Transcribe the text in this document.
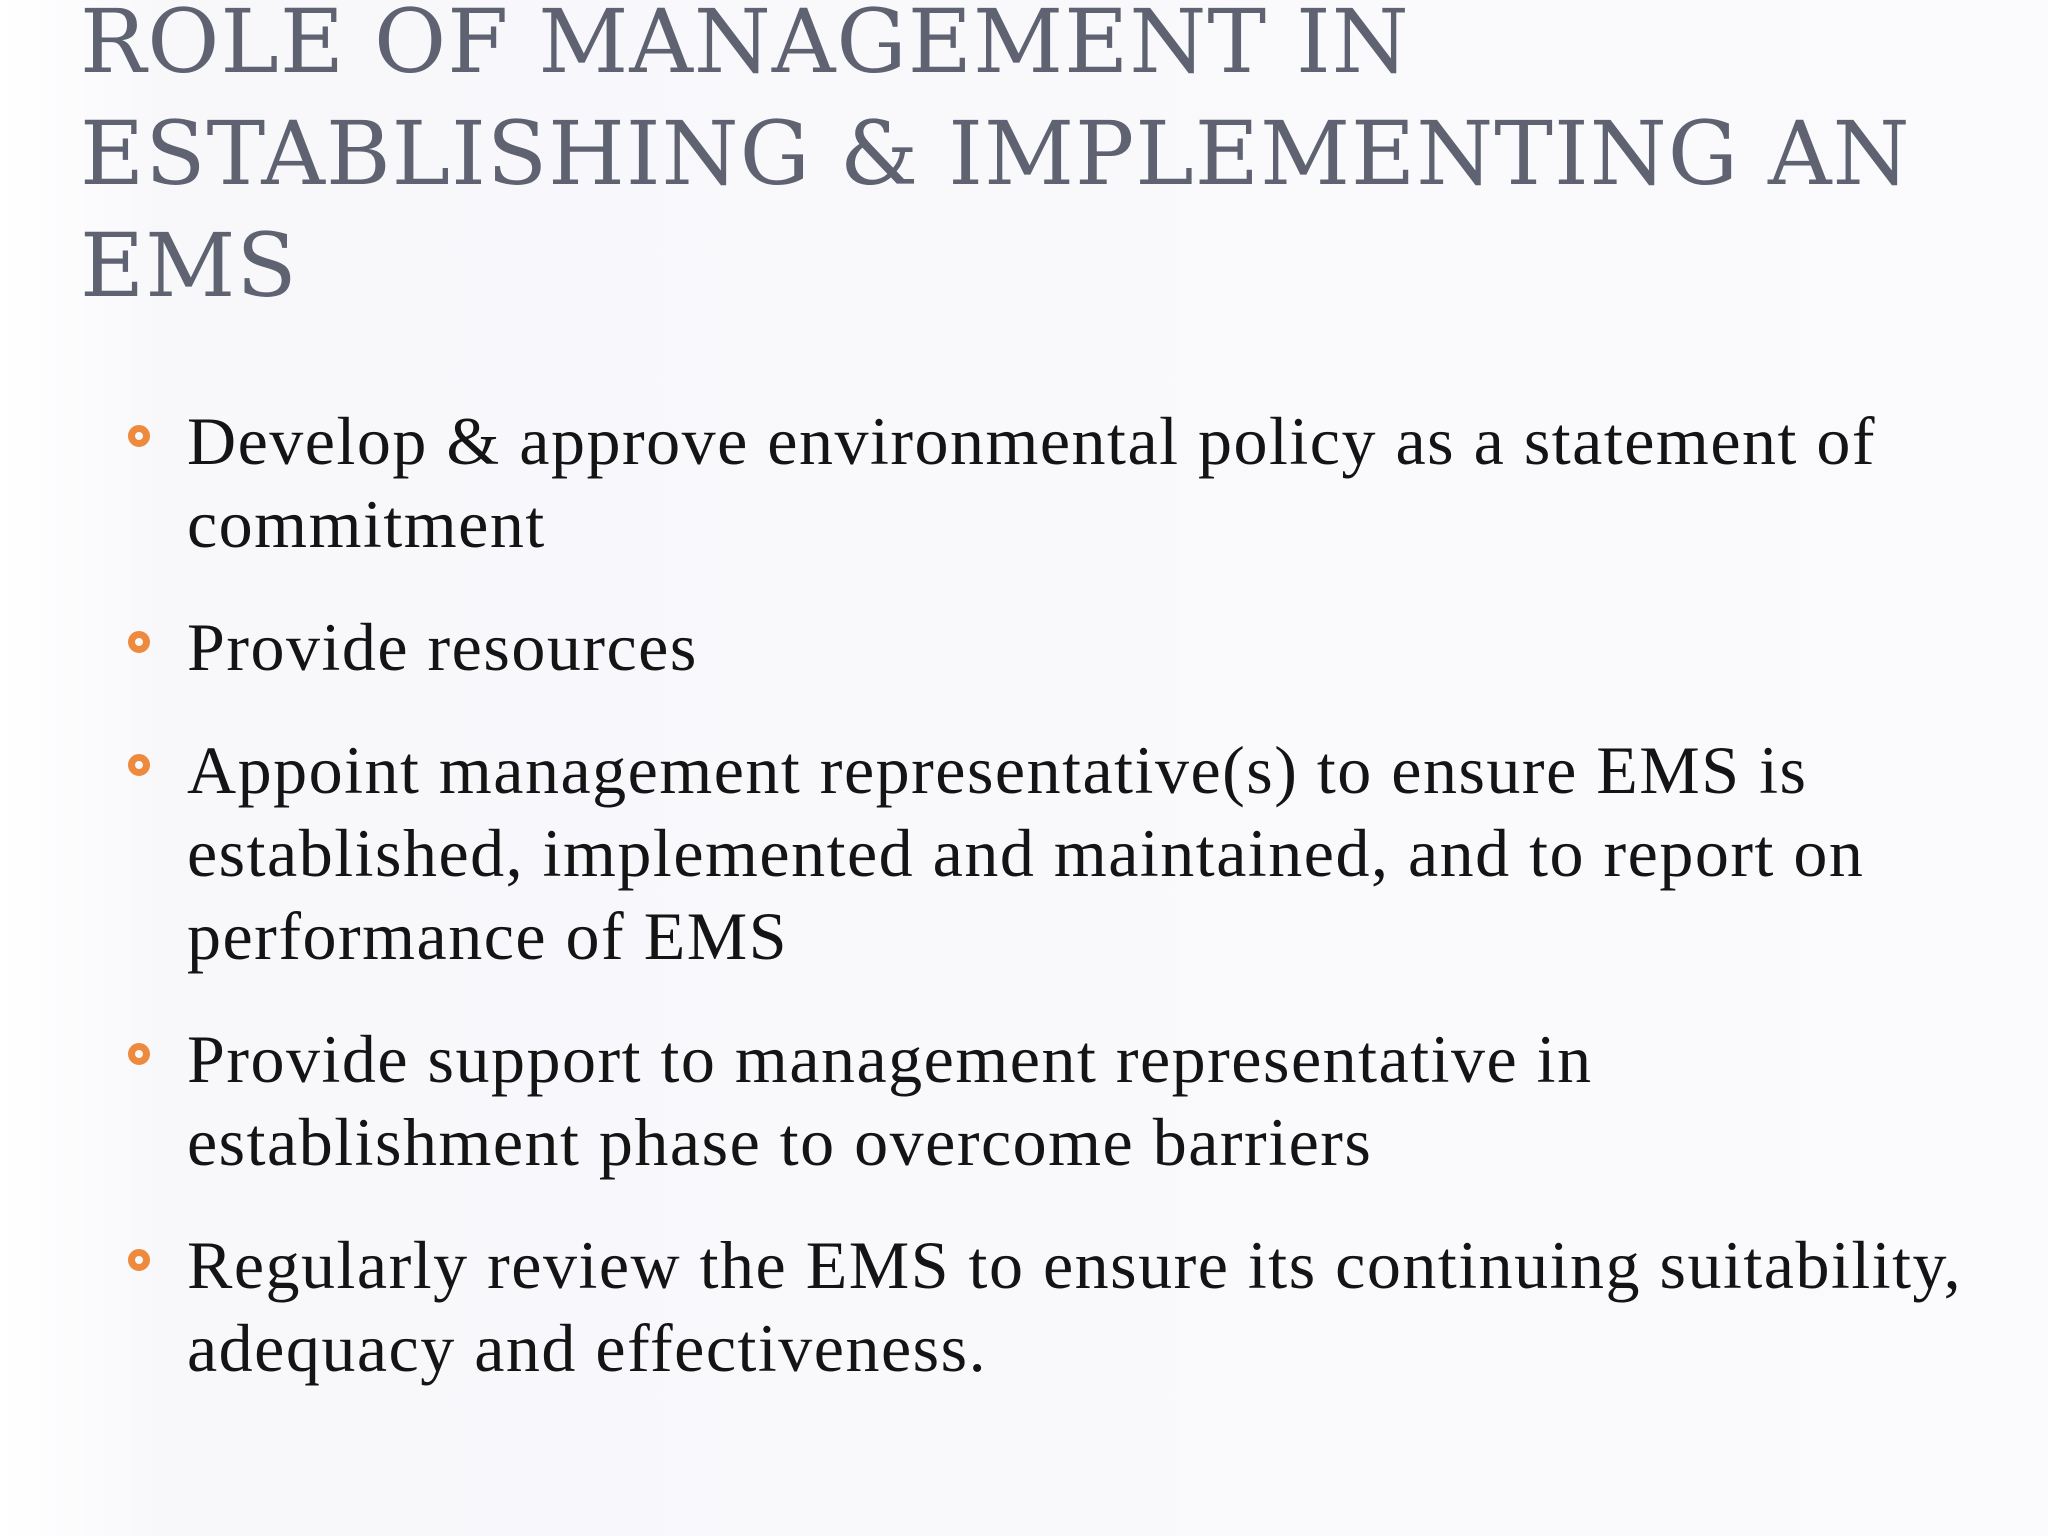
ROLE OF MANAGEMENT IN ESTABLISHING & IMPLEMENTING AN EMS
Develop & approve environmental policy as a statement of commitment
Provide resources
Appoint management representative(s) to ensure EMS is established, implemented and maintained, and to report on performance of EMS
Provide support to management representative in establishment phase to overcome barriers
Regularly review the EMS to ensure its continuing suitability, adequacy and effectiveness.
